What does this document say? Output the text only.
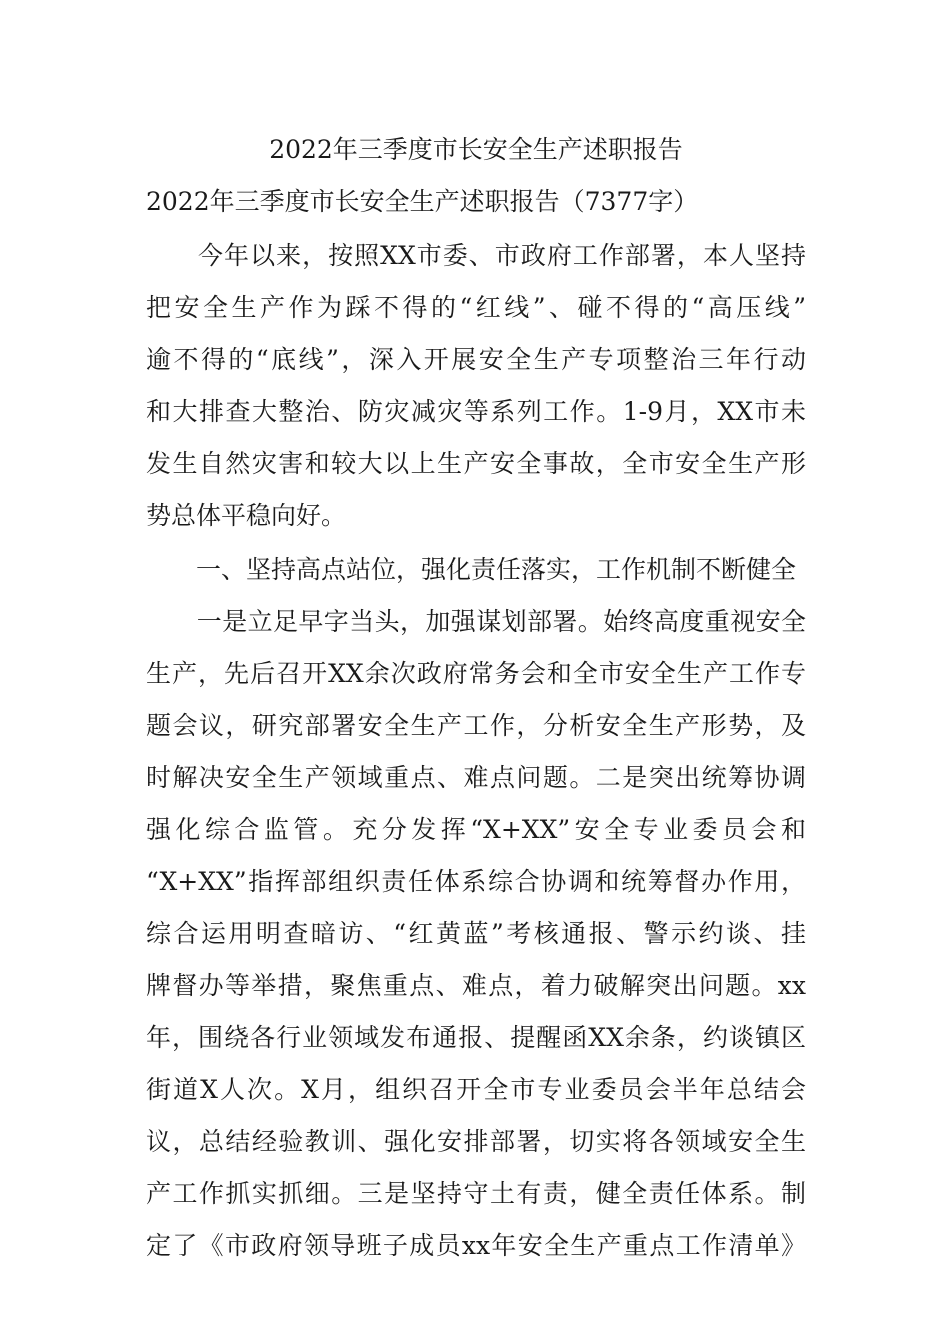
2022年三季度市长安全生产述职报告
2022年三季度市长安全生产述职报告（7377字）
　　今年以来，按照XX市委、市政府工作部署，本人坚持
把安全生产作为踩不得的“红线”、碰不得的“高压线”
逾不得的“底线”，深入开展安全生产专项整治三年行动
和大排查大整治、防灾减灾等系列工作。1-9月，XX市未
发生自然灾害和较大以上生产安全事故，全市安全生产形
势总体平稳向好。
　　一、坚持高点站位，强化责任落实，工作机制不断健全
　　一是立足早字当头，加强谋划部署。始终高度重视安全
生产，先后召开XX余次政府常务会和全市安全生产工作专
题会议，研究部署安全生产工作，分析安全生产形势，及
时解决安全生产领域重点、难点问题。二是突出统筹协调
强化综合监管。充分发挥“X+XX”安全专业委员会和
“X+XX”指挥部组织责任体系综合协调和统筹督办作用，
综合运用明查暗访、“红黄蓝”考核通报、警示约谈、挂
牌督办等举措，聚焦重点、难点，着力破解突出问题。xx
年，围绕各行业领域发布通报、提醒函XX余条，约谈镇区
街道X人次。X月，组织召开全市专业委员会半年总结会
议，总结经验教训、强化安排部署，切实将各领域安全生
产工作抓实抓细。三是坚持守土有责，健全责任体系。制
定了《市政府领导班子成员xx年安全生产重点工作清单》
